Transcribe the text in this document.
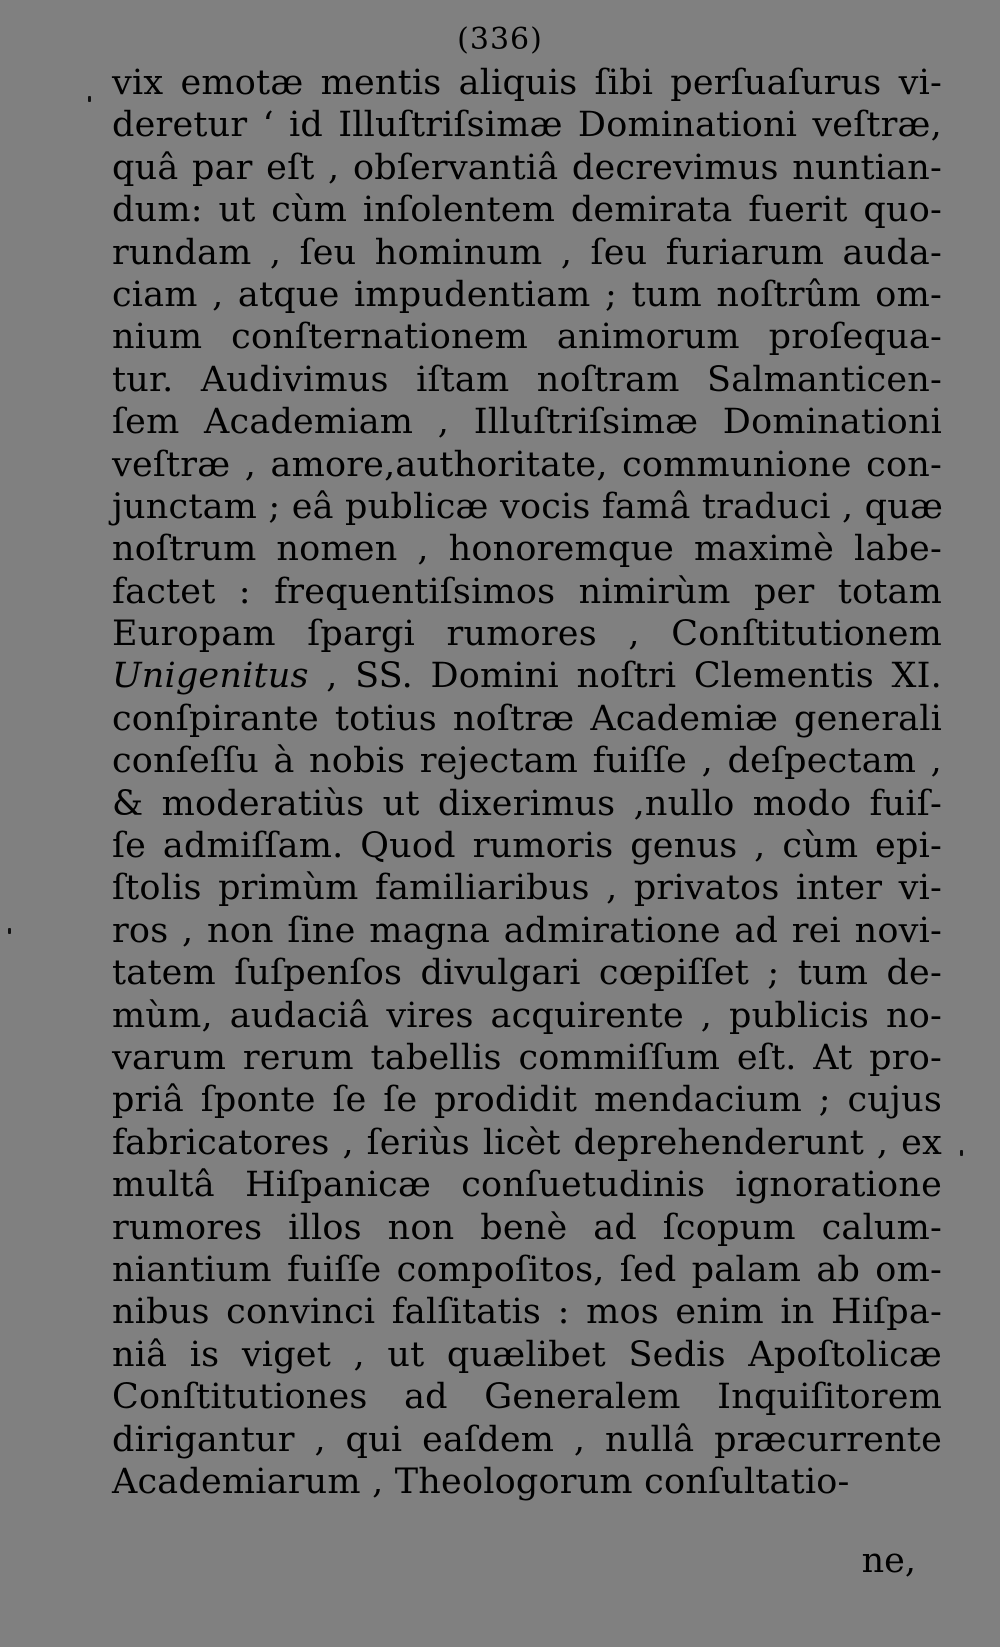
(336)
vix emotæ mentis aliquis ſibi perſuaſurus vi-
deretur ‘ id Illuſtriſsimæ Dominationi veſtræ,
quâ par eſt , obſervantiâ decrevimus nuntian-
dum: ut cùm inſolentem demirata fuerit quo-
rundam , ſeu hominum , ſeu furiarum auda-
ciam , atque impudentiam ; tum noſtrûm om-
nium conſternationem animorum proſequa-
tur. Audivimus iſtam noſtram Salmanticen-
ſem Academiam , Illuſtriſsimæ Dominationi
veſtræ , amore,authoritate, communione con-
junctam ; eâ publicæ vocis famâ traduci , quæ
noſtrum nomen , honoremque maximè labe-
factet : frequentiſsimos nimirùm per totam
Europam ſpargi rumores , Conſtitutionem
Unigenitus , SS. Domini noſtri Clementis XI.
conſpirante totius noſtræ Academiæ generali
conſeſſu à nobis rejectam fuiſſe , deſpectam ,
& moderatiùs ut dixerimus ,nullo modo fuiſ-
ſe admiſſam. Quod rumoris genus , cùm epi-
ſtolis primùm familiaribus , privatos inter vi-
ros , non ſine magna admiratione ad rei novi-
tatem ſuſpenſos divulgari cœpiſſet ; tum de-
mùm, audaciâ vires acquirente , publicis no-
varum rerum tabellis commiſſum eſt. At pro-
priâ ſponte ſe ſe prodidit mendacium ; cujus
fabricatores , ſeriùs licèt deprehenderunt , ex
multâ Hiſpanicæ conſuetudinis ignoratione
rumores illos non benè ad ſcopum calum-
niantium fuiſſe compoſitos, ſed palam ab om-
nibus convinci falſitatis : mos enim in Hiſpa-
niâ is viget , ut quælibet Sedis Apoſtolicæ
Conſtitutiones ad Generalem Inquiſitorem
dirigantur , qui eaſdem , nullâ præcurrente
Academiarum , Theologorum conſultatio-
ne,
